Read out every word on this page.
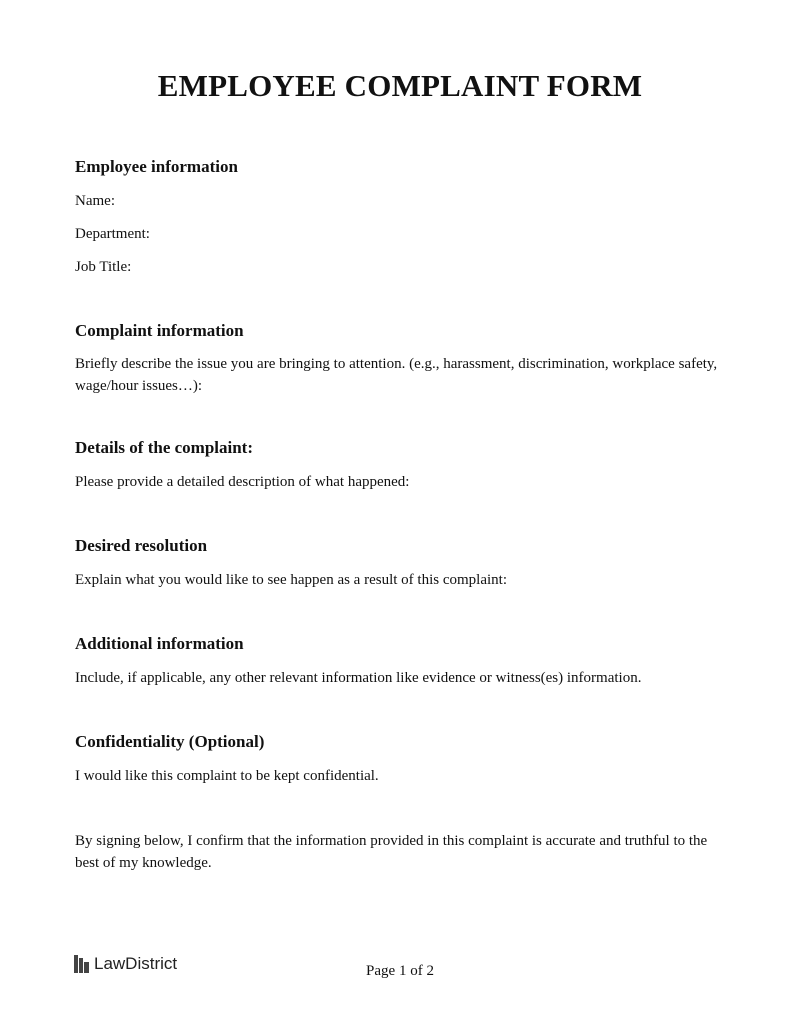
EMPLOYEE COMPLAINT FORM
Employee information
Name:
Department:
Job Title:
Complaint information
Briefly describe the issue you are bringing to attention. (e.g., harassment, discrimination, workplace safety, wage/hour issues…):
Details of the complaint:
Please provide a detailed description of what happened:
Desired resolution
Explain what you would like to see happen as a result of this complaint:
Additional information
Include, if applicable, any other relevant information like evidence or witness(es) information.
Confidentiality (Optional)
I would like this complaint to be kept confidential.
By signing below, I confirm that the information provided in this complaint is accurate and truthful to the best of my knowledge.
LawDistrict	Page 1 of 2
